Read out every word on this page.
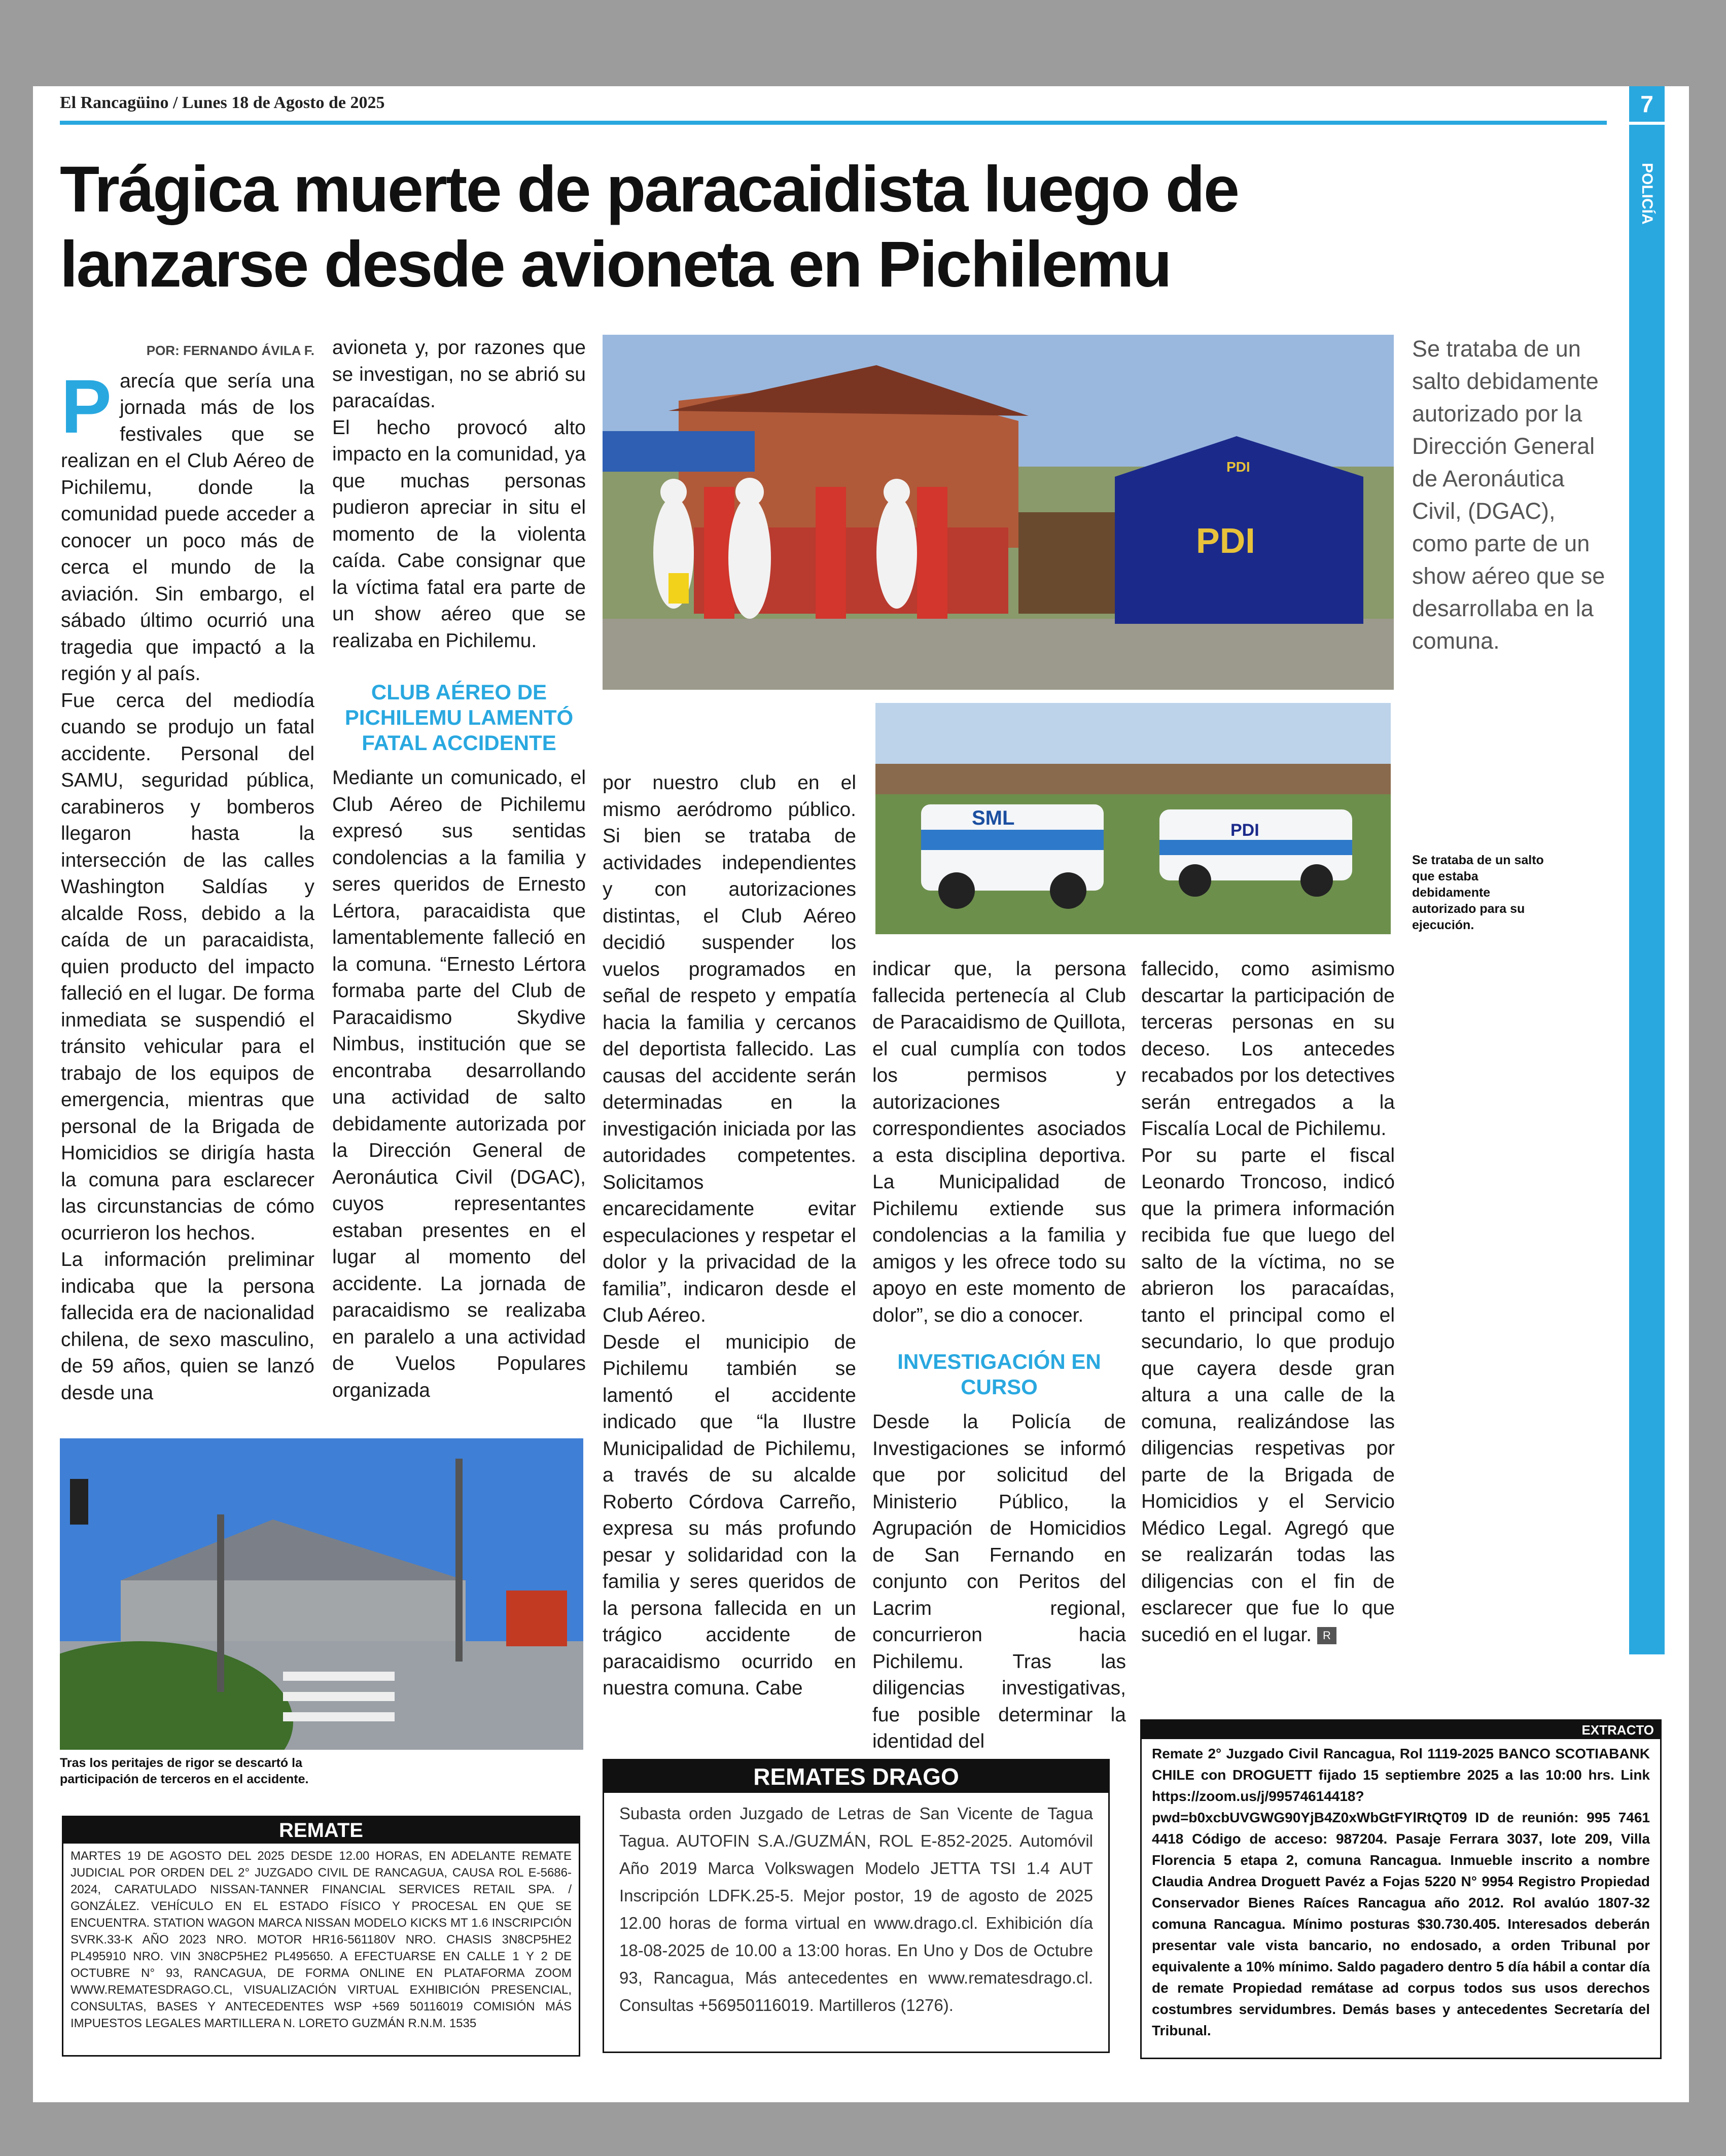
El Rancagüino / Lunes 18 de Agosto de 2025	7
POLICÍA
Trágica muerte de paracaidista luego de lanzarse desde avioneta en Pichilemu
POR: FERNANDO ÁVILA F.
P arecía que sería una jornada más de los festivales que se realizan en el Club Aéreo de Pichilemu, donde la comunidad puede acceder a conocer un poco más de cerca el mundo de la aviación. Sin embargo, el sábado último ocurrió una tragedia que impactó a la región y al país.

Fue cerca del mediodía cuando se produjo un fatal accidente. Personal del SAMU, seguridad pública, carabineros y bomberos llegaron hasta la intersección de las calles Washington Saldías y alcalde Ross, debido a la caída de un paracaidista, quien producto del impacto falleció en el lugar. De forma inmediata se suspendió el tránsito vehicular para el trabajo de los equipos de emergencia, mientras que personal de la Brigada de Homicidios se dirigía hasta la comuna para esclarecer las circunstancias de cómo ocurrieron los hechos.

La información preliminar indicaba que la persona fallecida era de nacionalidad chilena, de sexo masculino, de 59 años, quien se lanzó desde una

avioneta y, por razones que se investigan, no se abrió su paracaídas.

El hecho provocó alto impacto en la comunidad, ya que muchas personas pudieron apreciar in situ el momento de la violenta caída. Cabe consignar que la víctima fatal era parte de un show aéreo que se realizaba en Pichilemu.

CLUB AÉREO DE PICHILEMU LAMENTÓ FATAL ACCIDENTE

Mediante un comunicado, el Club Aéreo de Pichilemu expresó sus sentidas condolencias a la familia y seres queridos de Ernesto Lértora, paracaidista que lamentablemente falleció en la comuna. “Ernesto Lértora formaba parte del Club de Paracaidismo Skydive Nimbus, institución que se encontraba desarrollando una actividad de salto debidamente autorizada por la Dirección General de Aeronáutica Civil (DGAC), cuyos representantes estaban presentes en el lugar al momento del accidente. La jornada de paracaidismo se realizaba en paralelo a una actividad de Vuelos Populares organizada

PDI
PDI
SML
PDI
Se trataba de un salto debidamente autorizado por la Dirección General de Aeronáutica Civil, (DGAC), como parte de un show aéreo que se desarrollaba en la comuna.
Se trataba de un salto que estaba debidamente autorizado para su ejecución.

por nuestro club en el mismo aeródromo público. Si bien se trataba de actividades independientes y con autorizaciones distintas, el Club Aéreo decidió suspender los vuelos programados en señal de respeto y empatía hacia la familia y cercanos del deportista fallecido. Las causas del accidente serán determinadas en la investigación iniciada por las autoridades competentes. Solicitamos encarecidamente evitar especulaciones y respetar el dolor y la privacidad de la familia”, indicaron desde el Club Aéreo.

Desde el municipio de Pichilemu también se lamentó el accidente indicado que “la Ilustre Municipalidad de Pichilemu, a través de su alcalde Roberto Córdova Carreño, expresa su más profundo pesar y solidaridad con la familia y seres queridos de la persona fallecida en un trágico accidente de paracaidismo ocurrido en nuestra comuna. Cabe

indicar que, la persona fallecida pertenecía al Club de Paracaidismo de Quillota, el cual cumplía con todos los permisos y autorizaciones correspondientes asociados a esta disciplina deportiva. La Municipalidad de Pichilemu extiende sus condolencias a la familia y amigos y les ofrece todo su apoyo en este momento de dolor”, se dio a conocer.

INVESTIGACIÓN EN CURSO

Desde la Policía de Investigaciones se informó que por solicitud del Ministerio Público, la Agrupación de Homicidios de San Fernando en conjunto con Peritos del Lacrim regional, concurrieron hacia Pichilemu. Tras las diligencias investigativas, fue posible determinar la identidad del

fallecido, como asimismo descartar la participación de terceras personas en su deceso. Los antecedes recabados por los detectives serán entregados a la Fiscalía Local de Pichilemu.

Por su parte el fiscal Leonardo Troncoso, indicó que la primera información recibida fue que luego del salto de la víctima, no se abrieron los paracaídas, tanto el principal como el secundario, lo que produjo que cayera desde gran altura a una calle de la comuna, realizándose las diligencias respetivas por parte de la Brigada de Homicidios y el Servicio Médico Legal. Agregó que se realizarán todas las diligencias con el fin de esclarecer que fue lo que sucedió en el lugar. R

Tras los peritajes de rigor se descartó la participación de terceros en el accidente.
REMATE
MARTES 19 DE AGOSTO DEL 2025 DESDE 12.00 HORAS, EN ADELANTE REMATE JUDICIAL POR ORDEN DEL 2° JUZGADO CIVIL DE RANCAGUA, CAUSA ROL E-5686-2024, CARATULADO NISSAN-TANNER FINANCIAL SERVICES RETAIL SPA. / GONZÁLEZ. VEHÍCULO EN EL ESTADO FÍSICO Y PROCESAL EN QUE SE ENCUENTRA. STATION WAGON MARCA NISSAN MODELO KICKS MT 1.6 INSCRIPCIÓN SVRK.33-K AÑO 2023 NRO. MOTOR HR16-561180V NRO. CHASIS 3N8CP5HE2 PL495910 NRO. VIN 3N8CP5HE2 PL495650. A EFECTUARSE EN CALLE 1 Y 2 DE OCTUBRE N° 93, RANCAGUA, DE FORMA ONLINE EN PLATAFORMA ZOOM WWW.REMATESDRAGO.CL, VISUALIZACIÓN VIRTUAL EXHIBICIÓN PRESENCIAL, CONSULTAS, BASES Y ANTECEDENTES WSP +569 50116019 COMISIÓN MÁS IMPUESTOS LEGALES MARTILLERA N. LORETO GUZMÁN R.N.M. 1535
REMATES DRAGO
Subasta orden Juzgado de Letras de San Vicente de Tagua Tagua. AUTOFIN S.A./GUZMÁN, ROL E-852-2025. Automóvil Año 2019 Marca Volkswagen Modelo JETTA TSI 1.4 AUT Inscripción LDFK.25-5. Mejor postor, 19 de agosto de 2025 12.00 horas de forma virtual en www.drago.cl. Exhibición día 18-08-2025 de 10.00 a 13:00 horas. En Uno y Dos de Octubre 93, Rancagua, Más antecedentes en www.rematesdrago.cl. Consultas +56950116019. Martilleros (1276).
EXTRACTO
Remate 2° Juzgado Civil Rancagua, Rol 1119-2025 BANCO SCOTIABANK CHILE con DROGUETT fijado 15 septiembre 2025 a las 10:00 hrs. Link https://zoom.us/j/99574614418? pwd=b0xcbUVGWG90YjB4Z0xWbGtFYlRtQT09 ID de reunión: 995 7461 4418 Código de acceso: 987204. Pasaje Ferrara 3037, lote 209, Villa Florencia 5 etapa 2, comuna Rancagua. Inmueble inscrito a nombre Claudia Andrea Droguett Pavéz a Fojas 5220 N° 9954 Registro Propiedad Conservador Bienes Raíces Rancagua año 2012. Rol avalúo 1807-32 comuna Rancagua. Mínimo posturas $30.730.405. Interesados deberán presentar vale vista bancario, no endosado, a orden Tribunal por equivalente a 10% mínimo. Saldo pagadero dentro 5 día hábil a contar día de remate Propiedad remátase ad corpus todos sus usos derechos costumbres servidumbres. Demás bases y antecedentes Secretaría del Tribunal.
